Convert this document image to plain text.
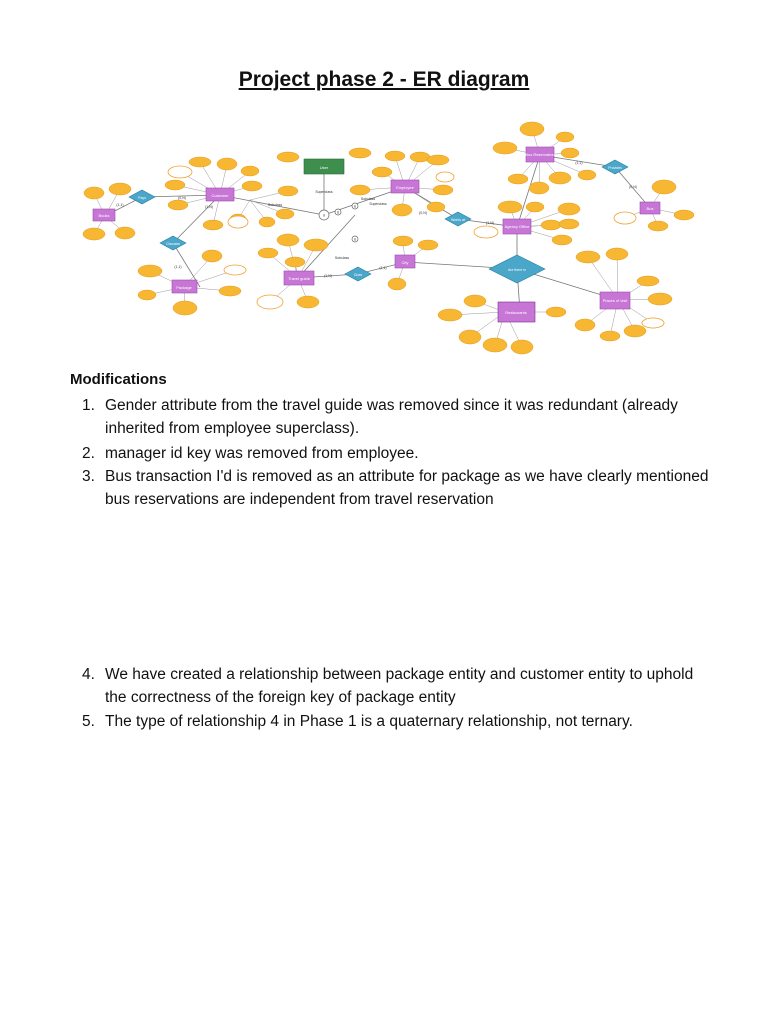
Project phase 2 - ER diagram
User
Customer
Employee
Bus Reservation
Bus
Agency Office
City
Travel guide
Package
Restaurants
Places of visit
Books
Pays
Chooses
Works at
Provides
Goes
Are there in
(1,1)
(0,N)
(1,N)
(1,1)
(0,N)
(1,N)
(1,1)
(0,N)
(1,1)
(1,N)
Superclass
Subclass
Subclass
Subclass
Superclass
d
U
U
U
Modifications
1. Gender attribute from the travel guide was removed since it was redundant (already inherited from employee superclass).
2. manager id key was removed from employee.
3. Bus transaction I'd is removed as an attribute for package as we have clearly mentioned bus reservations are independent from travel reservation
4. We have created a relationship between package entity and customer entity to uphold the correctness of the foreign key of package entity
5. The type of relationship 4 in Phase 1 is a quaternary relationship, not ternary.
